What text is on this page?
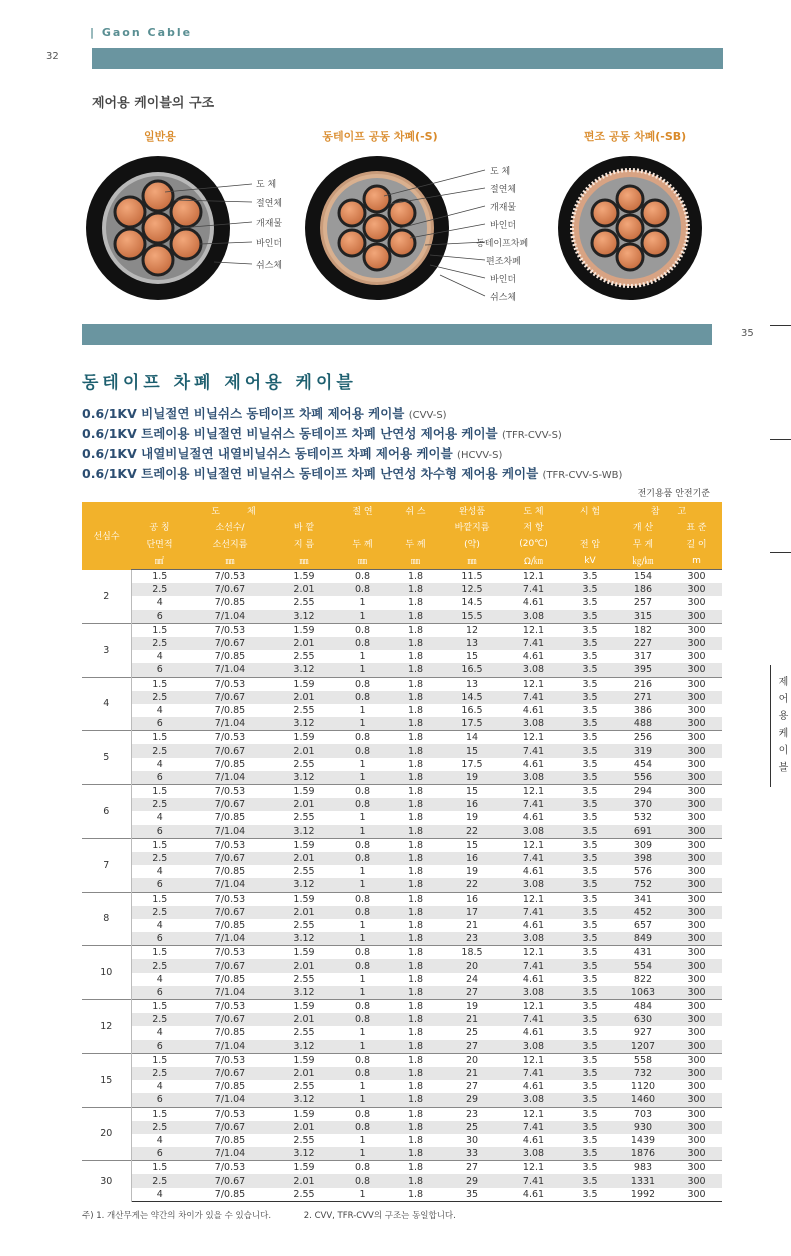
| Gaon Cable
32
35
제 어 용 케 이 블
제어용 케이블의 구조
일반용	동테이프 공동 차폐(-S)	편조 공동 차폐(-SB)
도 체
절연체
개재물
바인더
쉬스체
도 체
절연체
개재물
바인더
동테이프차폐
편조차폐
바인더
쉬스체
동테이프 차폐 제어용 케이블
0.6/1KV 비닐절연 비닐쉬스 동테이프 차폐 제어용 케이블 (CVV-S)
0.6/1KV 트레이용 비닐절연 비닐쉬스 동테이프 차폐 난연성 제어용 케이블 (TFR-CVV-S)
0.6/1KV 내열비닐절연 내열비닐쉬스 동테이프 차폐 제어용 케이블 (HCVV-S)
0.6/1KV 트레이용 비닐절연 비닐쉬스 동테이프 차폐 난연성 차수형 제어용 케이블 (TFR-CVV-S-WB)
전기용품 안전기준
선심수	도　　　체			절 연	쉬 스	완성품	도 체	시 험	참　　고	
	공 칭	소선수/	바 깥			바깥지름	저 항		개 산	표 준
	단면적	소선지름	지 름	두 께	두 께	(약)	(20℃)	전 압	무 게	길 이
	㎟	㎜	㎜	㎜	㎜	㎜	Ω/㎞	kV	㎏/㎞	m
2	1.5	7/0.53	1.59	0.8	1.8	11.5	12.1	3.5	154	300
	2.5	7/0.67	2.01	0.8	1.8	12.5	7.41	3.5	186	300
	4	7/0.85	2.55	1	1.8	14.5	4.61	3.5	257	300
	6	7/1.04	3.12	1	1.8	15.5	3.08	3.5	315	300
3	1.5	7/0.53	1.59	0.8	1.8	12	12.1	3.5	182	300
	2.5	7/0.67	2.01	0.8	1.8	13	7.41	3.5	227	300
	4	7/0.85	2.55	1	1.8	15	4.61	3.5	317	300
	6	7/1.04	3.12	1	1.8	16.5	3.08	3.5	395	300
4	1.5	7/0.53	1.59	0.8	1.8	13	12.1	3.5	216	300
	2.5	7/0.67	2.01	0.8	1.8	14.5	7.41	3.5	271	300
	4	7/0.85	2.55	1	1.8	16.5	4.61	3.5	386	300
	6	7/1.04	3.12	1	1.8	17.5	3.08	3.5	488	300
5	1.5	7/0.53	1.59	0.8	1.8	14	12.1	3.5	256	300
	2.5	7/0.67	2.01	0.8	1.8	15	7.41	3.5	319	300
	4	7/0.85	2.55	1	1.8	17.5	4.61	3.5	454	300
	6	7/1.04	3.12	1	1.8	19	3.08	3.5	556	300
6	1.5	7/0.53	1.59	0.8	1.8	15	12.1	3.5	294	300
	2.5	7/0.67	2.01	0.8	1.8	16	7.41	3.5	370	300
	4	7/0.85	2.55	1	1.8	19	4.61	3.5	532	300
	6	7/1.04	3.12	1	1.8	22	3.08	3.5	691	300
7	1.5	7/0.53	1.59	0.8	1.8	15	12.1	3.5	309	300
	2.5	7/0.67	2.01	0.8	1.8	16	7.41	3.5	398	300
	4	7/0.85	2.55	1	1.8	19	4.61	3.5	576	300
	6	7/1.04	3.12	1	1.8	22	3.08	3.5	752	300
8	1.5	7/0.53	1.59	0.8	1.8	16	12.1	3.5	341	300
	2.5	7/0.67	2.01	0.8	1.8	17	7.41	3.5	452	300
	4	7/0.85	2.55	1	1.8	21	4.61	3.5	657	300
	6	7/1.04	3.12	1	1.8	23	3.08	3.5	849	300
10	1.5	7/0.53	1.59	0.8	1.8	18.5	12.1	3.5	431	300
	2.5	7/0.67	2.01	0.8	1.8	20	7.41	3.5	554	300
	4	7/0.85	2.55	1	1.8	24	4.61	3.5	822	300
	6	7/1.04	3.12	1	1.8	27	3.08	3.5	1063	300
12	1.5	7/0.53	1.59	0.8	1.8	19	12.1	3.5	484	300
	2.5	7/0.67	2.01	0.8	1.8	21	7.41	3.5	630	300
	4	7/0.85	2.55	1	1.8	25	4.61	3.5	927	300
	6	7/1.04	3.12	1	1.8	27	3.08	3.5	1207	300
15	1.5	7/0.53	1.59	0.8	1.8	20	12.1	3.5	558	300
	2.5	7/0.67	2.01	0.8	1.8	21	7.41	3.5	732	300
	4	7/0.85	2.55	1	1.8	27	4.61	3.5	1120	300
	6	7/1.04	3.12	1	1.8	29	3.08	3.5	1460	300
20	1.5	7/0.53	1.59	0.8	1.8	23	12.1	3.5	703	300
	2.5	7/0.67	2.01	0.8	1.8	25	7.41	3.5	930	300
	4	7/0.85	2.55	1	1.8	30	4.61	3.5	1439	300
	6	7/1.04	3.12	1	1.8	33	3.08	3.5	1876	300
30	1.5	7/0.53	1.59	0.8	1.8	27	12.1	3.5	983	300
	2.5	7/0.67	2.01	0.8	1.8	29	7.41	3.5	1331	300
	4	7/0.85	2.55	1	1.8	35	4.61	3.5	1992	300
주) 1. 개산무게는 약간의 차이가 있을 수 있습니다.	2. CVV, TFR-CVV의 구조는 동일합니다.
